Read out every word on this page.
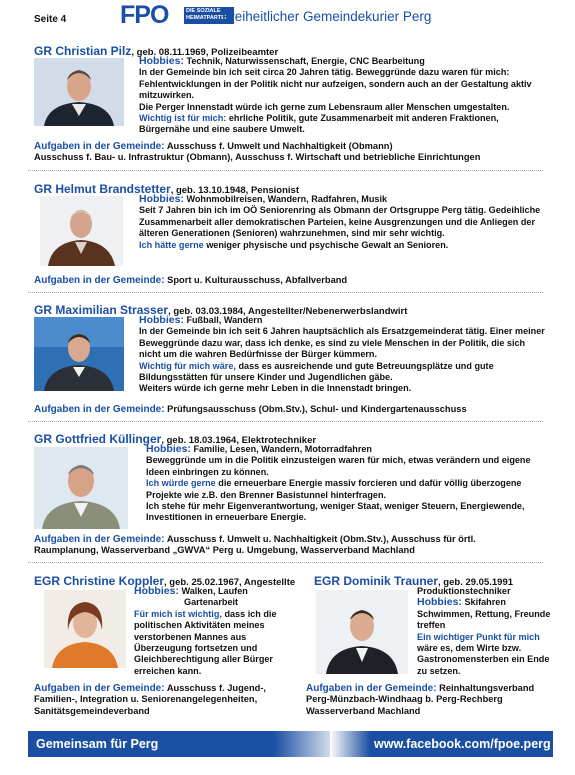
Seite 4 FPO	DIE SOZIALE HEIMATPARTEI
Freiheitlicher Gemeindekurier Perg
GR Christian Pilz, geb. 08.11.1969, Polizeibeamter
Hobbies: Technik, Naturwissenschaft, Energie, CNC Bearbeitung
In der Gemeinde bin ich seit circa 20 Jahren tätig. Beweggründe dazu waren für mich: Fehlentwicklungen in der Politik nicht nur aufzeigen, sondern auch an der Gestaltung aktiv mitzuwirken.
Die Perger Innenstadt würde ich gerne zum Lebensraum aller Menschen umgestalten.
Wichtig ist für mich: ehrliche Politik, gute Zusammenarbeit mit anderen Fraktionen, Bürgernähe und eine saubere Umwelt.
Aufgaben in der Gemeinde: Ausschuss f. Umwelt und Nachhaltigkeit (Obmann)
Ausschuss f. Bau- u. Infrastruktur (Obmann), Ausschuss f. Wirtschaft und betriebliche Einrichtungen
GR Helmut Brandstetter, geb. 13.10.1948, Pensionist
Hobbies: Wohnmobilreisen, Wandern, Radfahren, Musik
Seit 7 Jahren bin ich im OÖ Seniorenring als Obmann der Ortsgruppe Perg tätig. Gedeihliche Zusammenarbeit aller demokratischen Parteien, keine Ausgrenzungen und die Anliegen der älteren Generationen (Senioren) wahrzunehmen, sind mir sehr wichtig.
Ich hätte gerne weniger physische und psychische Gewalt an Senioren.
Aufgaben in der Gemeinde: Sport u. Kulturausschuss, Abfallverband
GR Maximilian Strasser, geb. 03.03.1984, Angestellter/Nebenerwerbslandwirt
Hobbies: Fußball, Wandern
In der Gemeinde bin ich seit 6 Jahren hauptsächlich als Ersatzgemeinderat tätig. Einer meiner Beweggründe dazu war, dass ich denke, es sind zu viele Menschen in der Politik, die sich nicht um die wahren Bedürfnisse der Bürger kümmern.
Wichtig für mich wäre, dass es ausreichende und gute Betreuungsplätze und gute Bildungsstätten für unsere Kinder und Jugendlichen gäbe.
Weiters würde ich gerne mehr Leben in die Innenstadt bringen.
Aufgaben in der Gemeinde: Prüfungsausschuss (Obm.Stv.), Schul- und Kindergartenausschuss
GR Gottfried Küllinger, geb. 18.03.1964, Elektrotechniker
Hobbies: Familie, Lesen, Wandern, Motorradfahren
Beweggründe um in die Politik einzusteigen waren für mich, etwas verändern und eigene Ideen einbringen zu können.
Ich würde gerne die erneuerbare Energie massiv forcieren und dafür völlig überzogene Projekte wie z.B. den Brenner Basistunnel hinterfragen.
Ich stehe für mehr Eigenverantwortung, weniger Staat, weniger Steuern, Energiewende, Investitionen in erneuerbare Energie.
Aufgaben in der Gemeinde: Ausschuss f. Umwelt u. Nachhaltigkeit (Obm.Stv.), Ausschuss für örtl.
Raumplanung, Wasserverband „GWVA“ Perg u. Umgebung, Wasserverband Machland
EGR Christine Koppler, geb. 25.02.1967, Angestellte
Hobbies: Walken, Laufen
Gartenarbeit
Für mich ist wichtig, dass ich die politischen Aktivitäten meines verstorbenen Mannes aus Überzeugung fortsetzen und Gleichberechtigung aller Bürger erreichen kann.
Aufgaben in der Gemeinde: Ausschuss f. Jugend-, Familien-, Integration u. Seniorenangelegenheiten, Sanitätsgemeindeverband
EGR Dominik Trauner, geb. 29.05.1991
Produktionstechniker
Hobbies: Skifahren Schwimmen, Rettung, Freunde treffen
Ein wichtiger Punkt für mich wäre es, dem Wirte bzw. Gastronomensterben ein Ende zu setzen.
Aufgaben in der Gemeinde: Reinhaltungsverband Perg-Münzbach-Windhaag b. Perg-Rechberg Wasserverband Machland
Gemeinsam für Perg	www.facebook.com/fpoe.perg
